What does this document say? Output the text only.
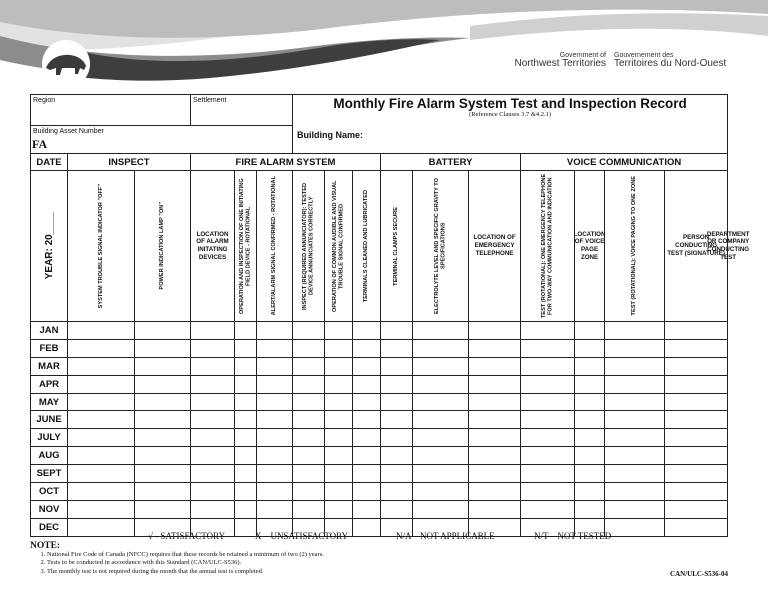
Government of
Northwest Territories
Gouvernement des
Territoires du Nord-Ouest
Region			Settlement			Monthly Fire Alarm System Test and Inspection Record
(Reference Clauses 3.7 &4.2.1)										

Building Asset Number
FA						Building Name:										

DATE	INSPECT		FIRE ALARM SYSTEM						BATTERY			VOICE COMMUNICATION				

YEAR: 20____	SYSTEM TROUBLE SIGNAL INDICATOR "OFF"	POWER INDICATION LAMP "ON"	LOCATION OF ALARM INITATING DEVICES	OPERATION AND INSPECTION OF ONE INITIATING FIELD DEVICE - ROTATIONAL	ALERT/ALARM SIGNAL CONFIRMED - ROTATIONAL	INSPECT (REQUIRED ANNUNCIATOR): TESTED DEVICE ANNUNCIATES CORRECTLY	OPERATION OF COMMON AUDIBLE AND VISUAL TROUBLE SIGNAL CONFIRMED	TERMINALS CLEANED AND LUBRICATED	TERMINAL CLAMPS SECURE	ELECTROLYTE LEVEL AND SPECIFIC GRAVITY TO SPECIFICATIONS	LOCATION OF EMERGENCY TELEPHONE	TEST (ROTATIONAL): ONE EMERGENCY TELEPHONE FOR TWO-WAY COMMUNICATION AND INDICATION	LOCATION OF VOICE PAGE ZONE	TEST (ROTATIONAL): VOICE PAGING TO ONE ZONE	PERSON CONDUCTING TEST (SIGNATURE)	DEPARTMENT OR COMPANY CONDUCTING TEST

JAN																
FEB																
MAR																
APR																
MAY																
JUNE																
JULY																
AUG																
SEPT																
OCT																
NOV																
DEC																
√ - SATISFACTORY	X – UNSATISFACTORY	N/A – NOT APPLICABLE	N/T – NOT TESTED
NOTE:
1. National Fire Code of Canada (NFCC) requires that these records be retained a minimum of two (2) years.
2. Tests to be conducted in accordance with this Standard (CAN/ULC-S536).
3. The monthly test is not required during the month that the annual test is completed.	CAN/ULC-S536-04
